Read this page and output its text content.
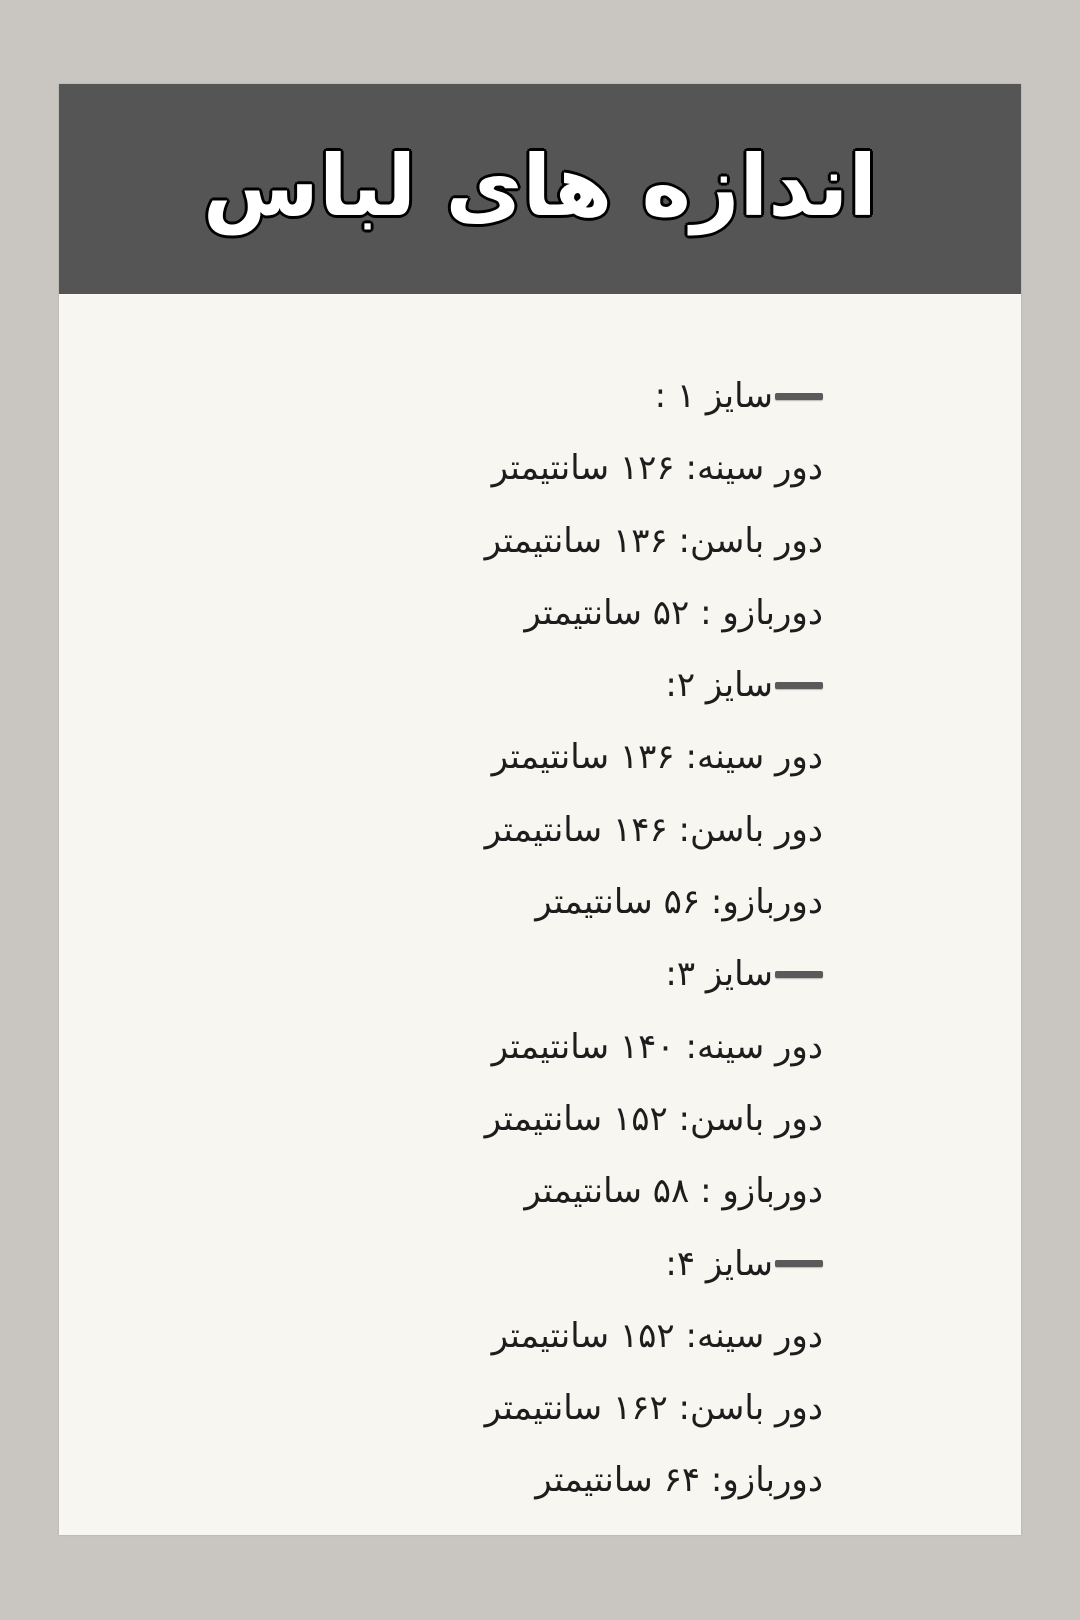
اندازه های لباس
سایز ۱ :
دور سینه: ۱۲۶ سانتیمتر
دور باسن: ۱۳۶ سانتیمتر
دوربازو : ۵۲ سانتیمتر
سایز ۲:
دور سینه: ۱۳۶ سانتیمتر
دور باسن: ۱۴۶ سانتیمتر
دوربازو: ۵۶ سانتیمتر
سایز ۳:
دور سینه: ۱۴۰ سانتیمتر
دور باسن: ۱۵۲ سانتیمتر
دوربازو : ۵۸ سانتیمتر
سایز ۴:
دور سینه: ۱۵۲ سانتیمتر
دور باسن: ۱۶۲ سانتیمتر
دوربازو: ۶۴ سانتیمتر
